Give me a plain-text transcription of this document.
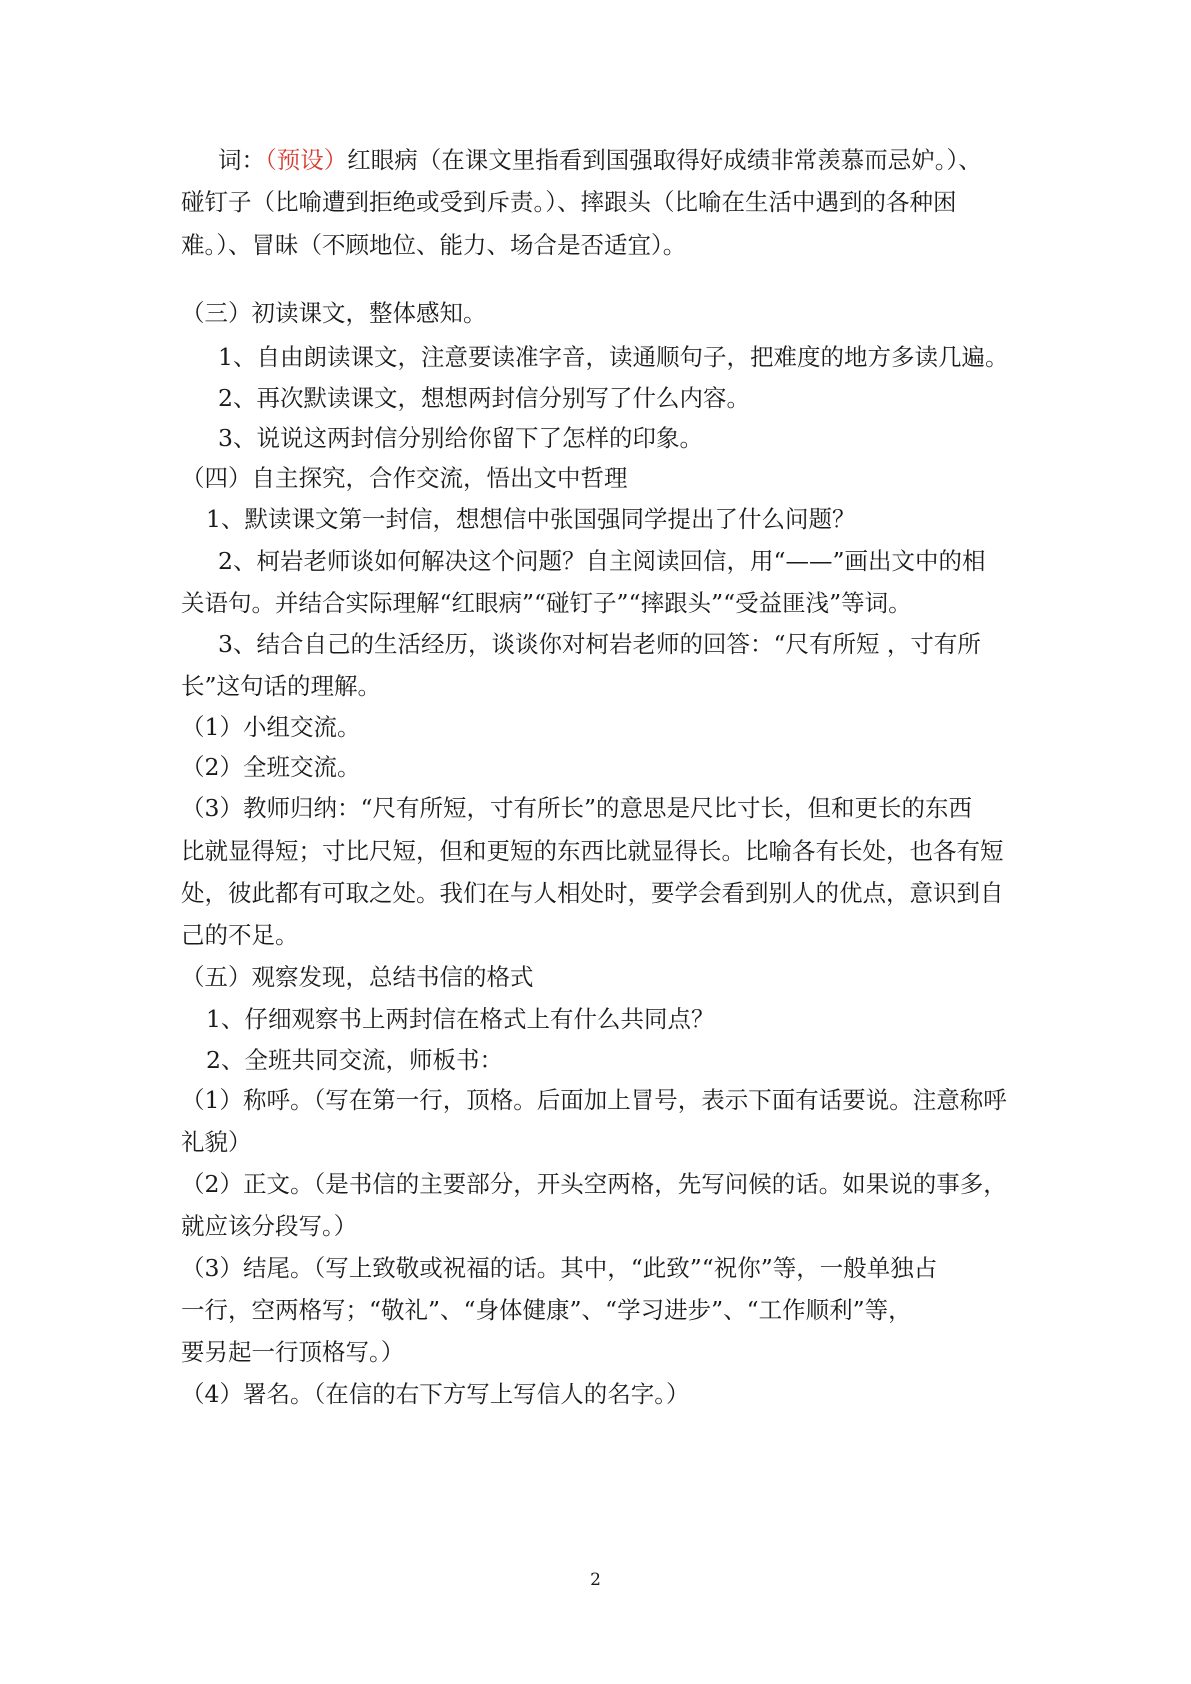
词：（预设）红眼病（在课文里指看到国强取得好成绩非常羡慕而忌妒。）、
碰钉子（比喻遭到拒绝或受到斥责。）、摔跟头（比喻在生活中遇到的各种困
难。）、冒昧（不顾地位、能力、场合是否适宜）。
（三）初读课文，整体感知。
1、自由朗读课文，注意要读准字音，读通顺句子，把难度的地方多读几遍。
2、再次默读课文，想想两封信分别写了什么内容。
3、说说这两封信分别给你留下了怎样的印象。
（四）自主探究，合作交流，悟出文中哲理
1、默读课文第一封信，想想信中张国强同学提出了什么问题？
2、柯岩老师谈如何解决这个问题？自主阅读回信，用“——”画出文中的相
关语句。并结合实际理解“红眼病”“碰钉子”“摔跟头”“受益匪浅”等词。
3、结合自己的生活经历，谈谈你对柯岩老师的回答：“尺有所短 ，寸有所
长”这句话的理解。
（1）小组交流。
（2）全班交流。
（3）教师归纳：“尺有所短，寸有所长”的意思是尺比寸长，但和更长的东西
比就显得短；寸比尺短，但和更短的东西比就显得长。比喻各有长处，也各有短
处，彼此都有可取之处。我们在与人相处时，要学会看到别人的优点，意识到自
己的不足。
（五）观察发现，总结书信的格式
1、仔细观察书上两封信在格式上有什么共同点？
2、全班共同交流，师板书：
（1）称呼。（写在第一行，顶格。后面加上冒号，表示下面有话要说。注意称呼
礼貌）
（2）正文。（是书信的主要部分，开头空两格，先写问候的话。如果说的事多，
就应该分段写。）
（3）结尾。（写上致敬或祝福的话。其中，“此致”“祝你”等，一般单独占
一行，空两格写；“敬礼”、“身体健康”、“学习进步”、“工作顺利”等，
要另起一行顶格写。）
（4）署名。（在信的右下方写上写信人的名字。）
2
